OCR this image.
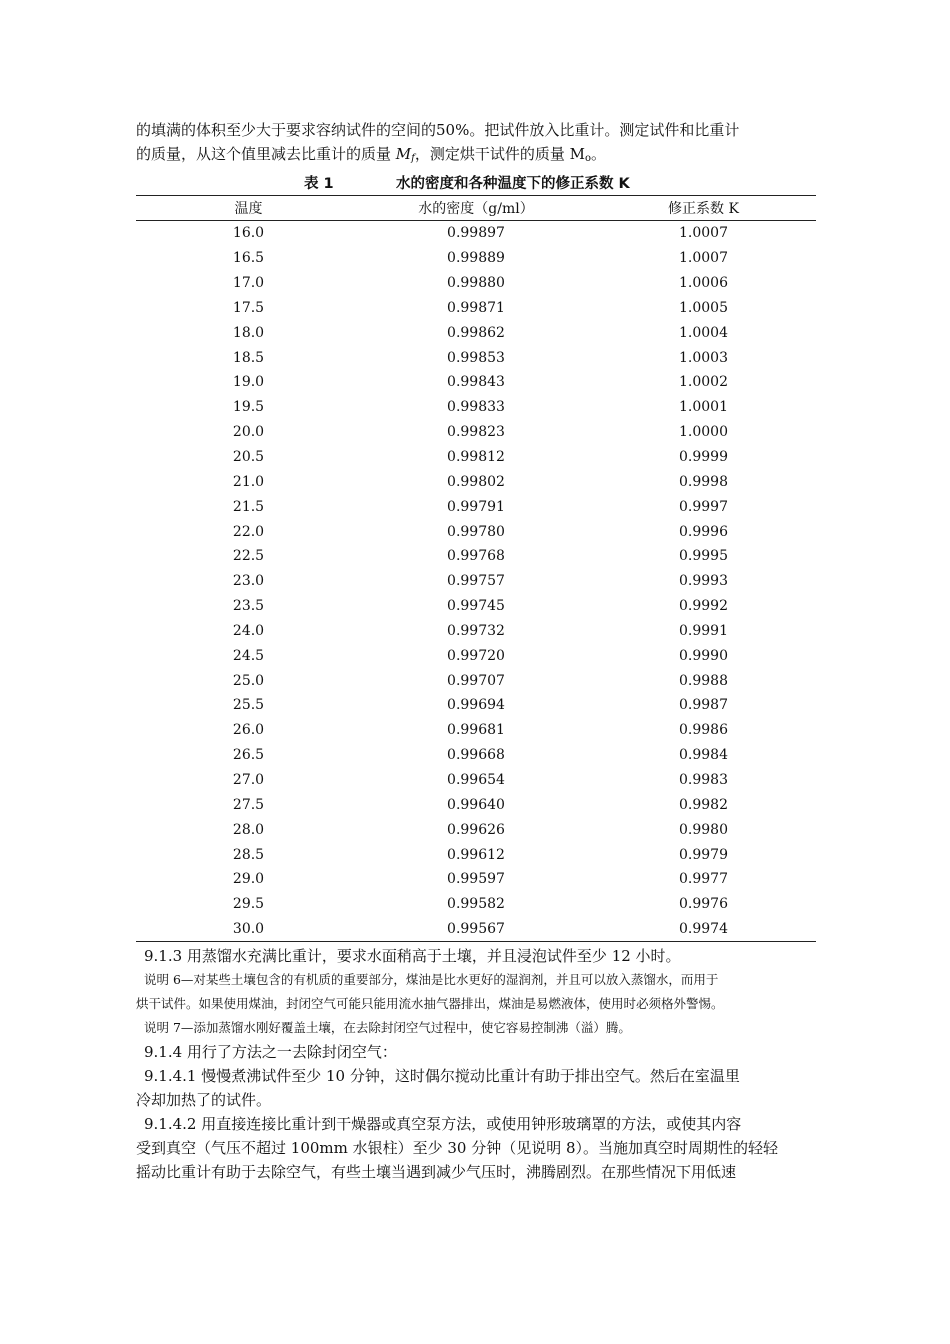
的填满的体积至少大于要求容纳试件的空间的50%。把试件放入比重计。测定试件和比重计

的质量，从这个值里减去比重计的质量 $M_f$，测定烘干试件的质量 $M_o$。

表 1	水的密度和各种温度下的修正系数 K
温度	水的密度（g/ml）	修正系数 K
16.0	0.99897	1.0007
16.5	0.99889	1.0007
17.0	0.99880	1.0006
17.5	0.99871	1.0005
18.0	0.99862	1.0004
18.5	0.99853	1.0003
19.0	0.99843	1.0002
19.5	0.99833	1.0001
20.0	0.99823	1.0000
20.5	0.99812	0.9999
21.0	0.99802	0.9998
21.5	0.99791	0.9997
22.0	0.99780	0.9996
22.5	0.99768	0.9995
23.0	0.99757	0.9993
23.5	0.99745	0.9992
24.0	0.99732	0.9991
24.5	0.99720	0.9990
25.0	0.99707	0.9988
25.5	0.99694	0.9987
26.0	0.99681	0.9986
26.5	0.99668	0.9984
27.0	0.99654	0.9983
27.5	0.99640	0.9982
28.0	0.99626	0.9980
28.5	0.99612	0.9979
29.0	0.99597	0.9977
29.5	0.99582	0.9976
30.0	0.99567	0.9974

9.1.3 用蒸馏水充满比重计，要求水面稍高于土壤，并且浸泡试件至少 12 小时。

说明 6—对某些土壤包含的有机质的重要部分，煤油是比水更好的湿润剂，并且可以放入蒸馏水，而用于

烘干试件。如果使用煤油，封闭空气可能只能用流水抽气器排出，煤油是易燃液体，使用时必须格外警惕。

说明 7—添加蒸馏水刚好覆盖土壤，在去除封闭空气过程中，使它容易控制沸（溢）腾。

9.1.4 用行了方法之一去除封闭空气：

9.1.4.1 慢慢煮沸试件至少 10 分钟，这时偶尔搅动比重计有助于排出空气。然后在室温里

冷却加热了的试件。

9.1.4.2 用直接连接比重计到干燥器或真空泵方法，或使用钟形玻璃罩的方法，或使其内容

受到真空（气压不超过 100mm 水银柱）至少 30 分钟（见说明 8）。当施加真空时周期性的轻轻

摇动比重计有助于去除空气，有些土壤当遇到减少气压时，沸腾剧烈。在那些情况下用低速
